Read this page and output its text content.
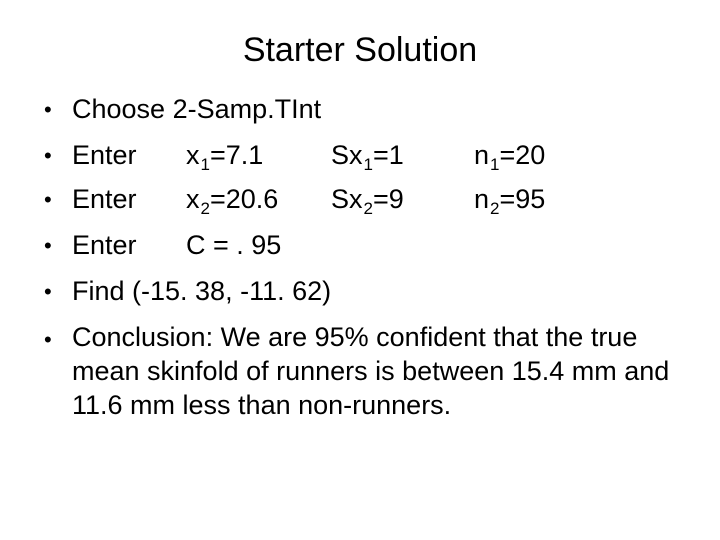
Starter Solution
• Choose 2-Samp.TInt
• Enter $x_1=7.1$	$Sx_1=1$	$n_1=20$
• Enter $x_2=20.6$ $Sx_2=9$	$n_2=95$
• Enter C = . 95
• Find (-15. 38, -11. 62)
• Conclusion: We are 95% confident that the true mean skinfold of runners is between 15.4 mm and 11.6 mm less than non-runners.
